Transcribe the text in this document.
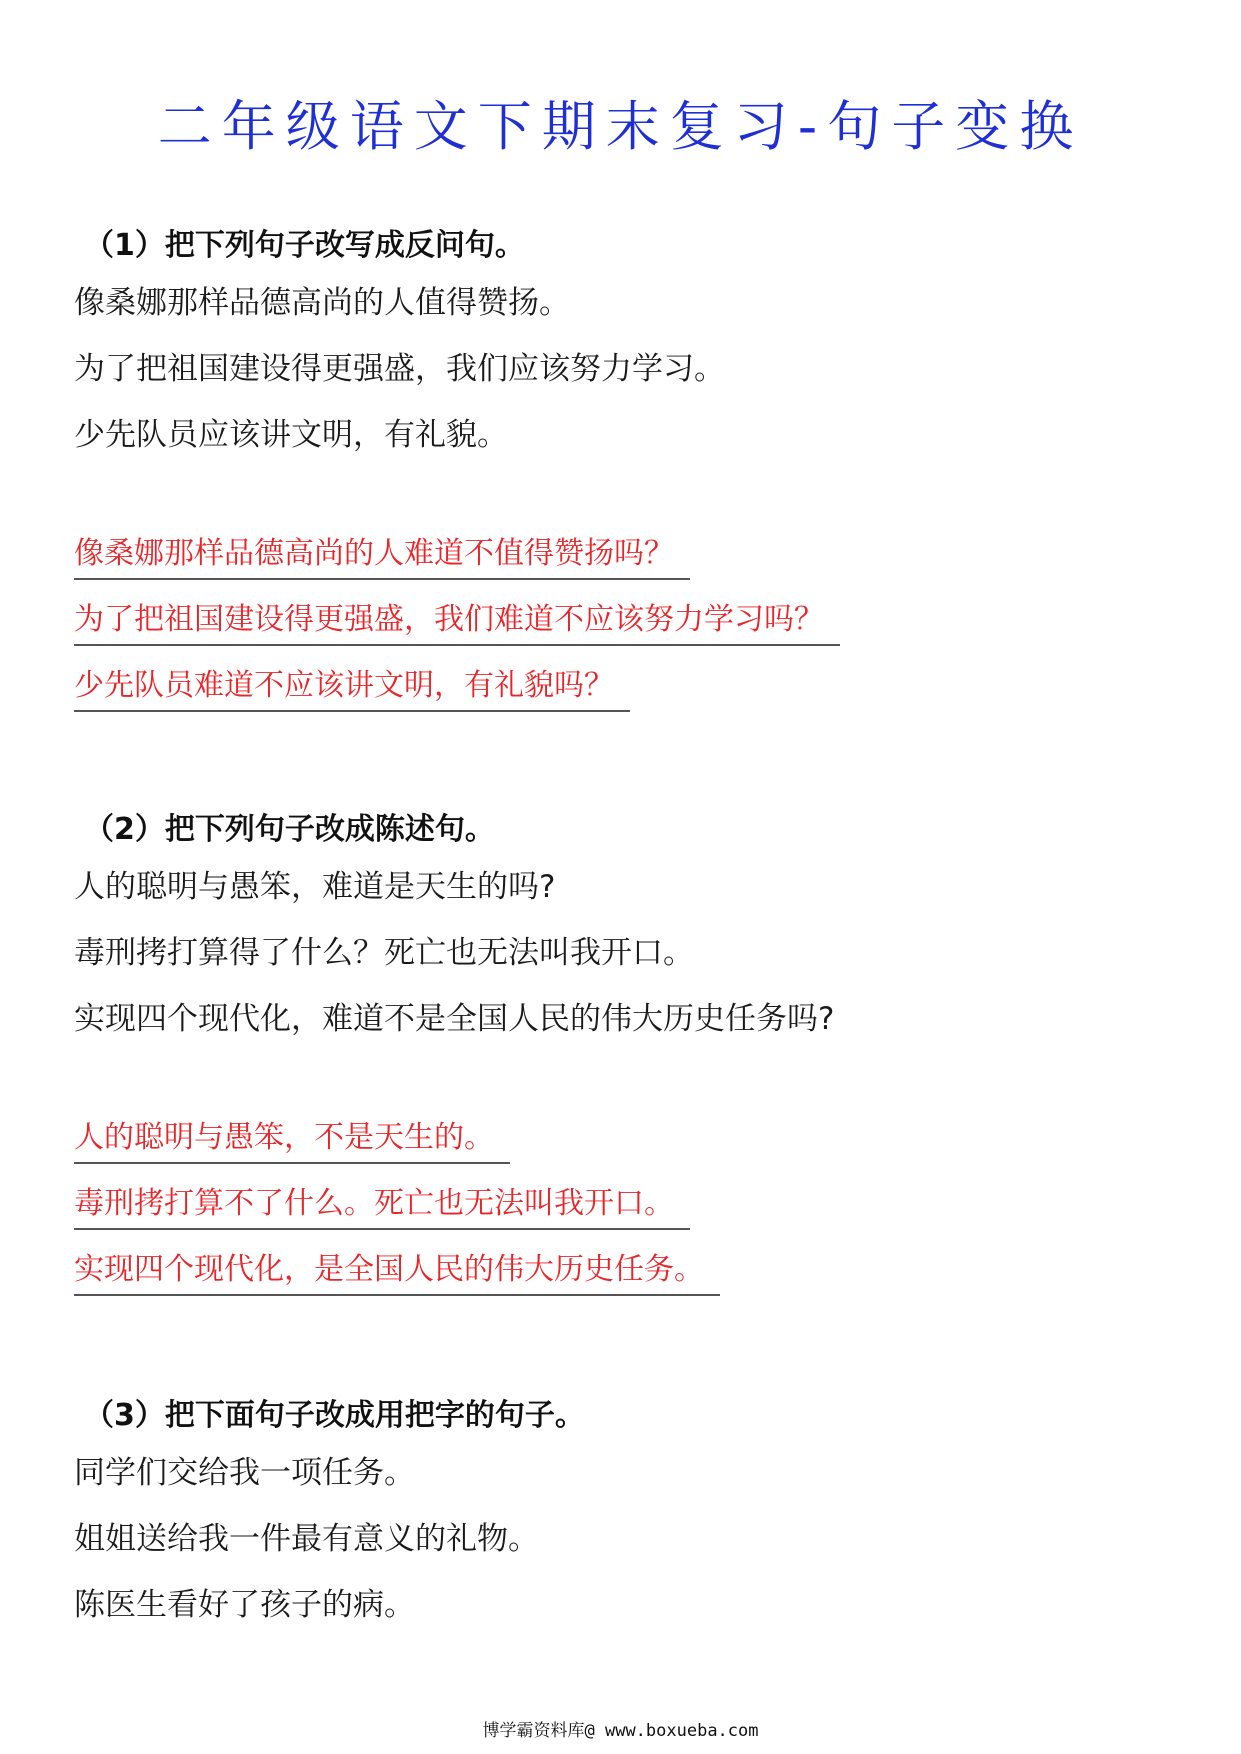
二年级语文下期末复习-句子变换
（1）把下列句子改写成反问句。
像桑娜那样品德高尚的人值得赞扬。
为了把祖国建设得更强盛，我们应该努力学习。
少先队员应该讲文明，有礼貌。
像桑娜那样品德高尚的人难道不值得赞扬吗？
为了把祖国建设得更强盛，我们难道不应该努力学习吗？
少先队员难道不应该讲文明，有礼貌吗？
（2）把下列句子改成陈述句。
人的聪明与愚笨，难道是天生的吗?
毒刑拷打算得了什么？死亡也无法叫我开口。
实现四个现代化，难道不是全国人民的伟大历史任务吗?
人的聪明与愚笨，不是天生的。
毒刑拷打算不了什么。死亡也无法叫我开口。
实现四个现代化，是全国人民的伟大历史任务。
（3）把下面句子改成用把字的句子。
同学们交给我一项任务。
姐姐送给我一件最有意义的礼物。
陈医生看好了孩子的病。
博学霸资料库@ www.boxueba.com
